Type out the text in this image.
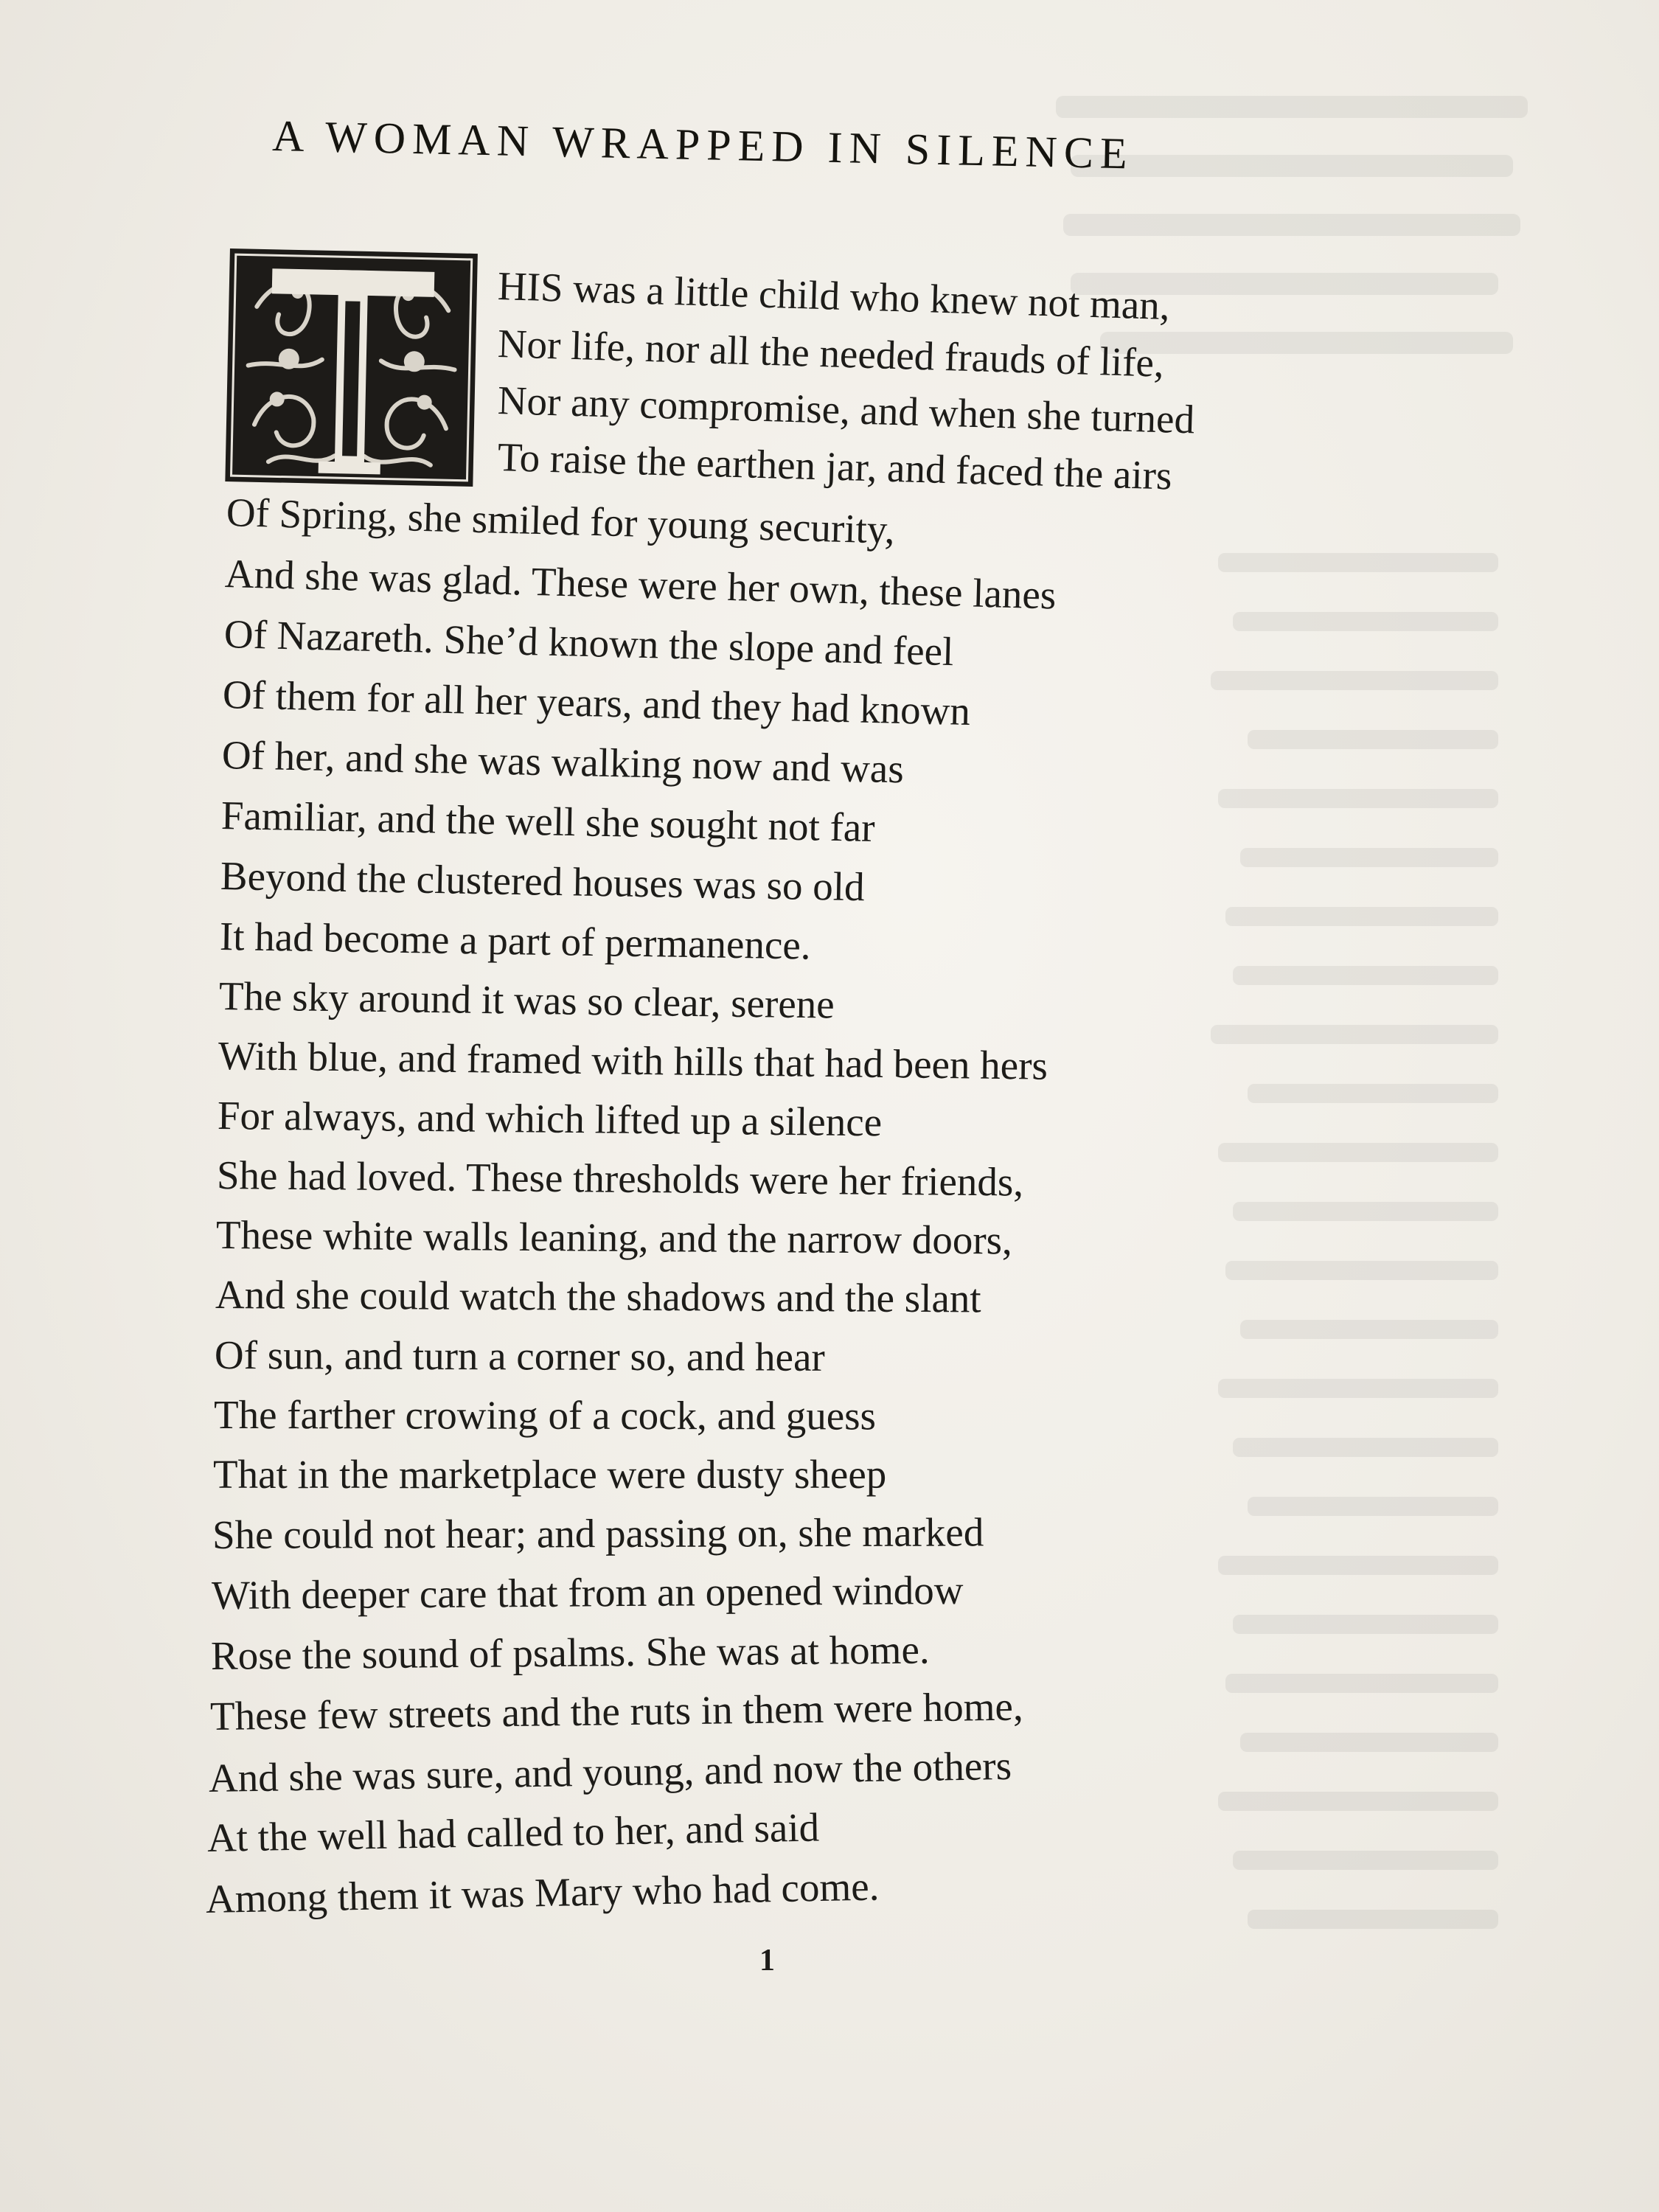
A WOMAN WRAPPED IN SILENCE
HIS was a little child who knew not man,
Nor life, nor all the needed frauds of life,
Nor any compromise, and when she turned
To raise the earthen jar, and faced the airs
Of Spring, she smiled for young security,
And she was glad. These were her own, these lanes
Of Nazareth. She’d known the slope and feel
Of them for all her years, and they had known
Of her, and she was walking now and was
Familiar, and the well she sought not far
Beyond the clustered houses was so old
It had become a part of permanence.
The sky around it was so clear, serene
With blue, and framed with hills that had been hers
For always, and which lifted up a silence
She had loved. These thresholds were her friends,
These white walls leaning, and the narrow doors,
And she could watch the shadows and the slant
Of sun, and turn a corner so, and hear
The farther crowing of a cock, and guess
That in the marketplace were dusty sheep
She could not hear; and passing on, she marked
With deeper care that from an opened window
Rose the sound of psalms. She was at home.
These few streets and the ruts in them were home,
And she was sure, and young, and now the others
At the well had called to her, and said
Among them it was Mary who had come.
1
